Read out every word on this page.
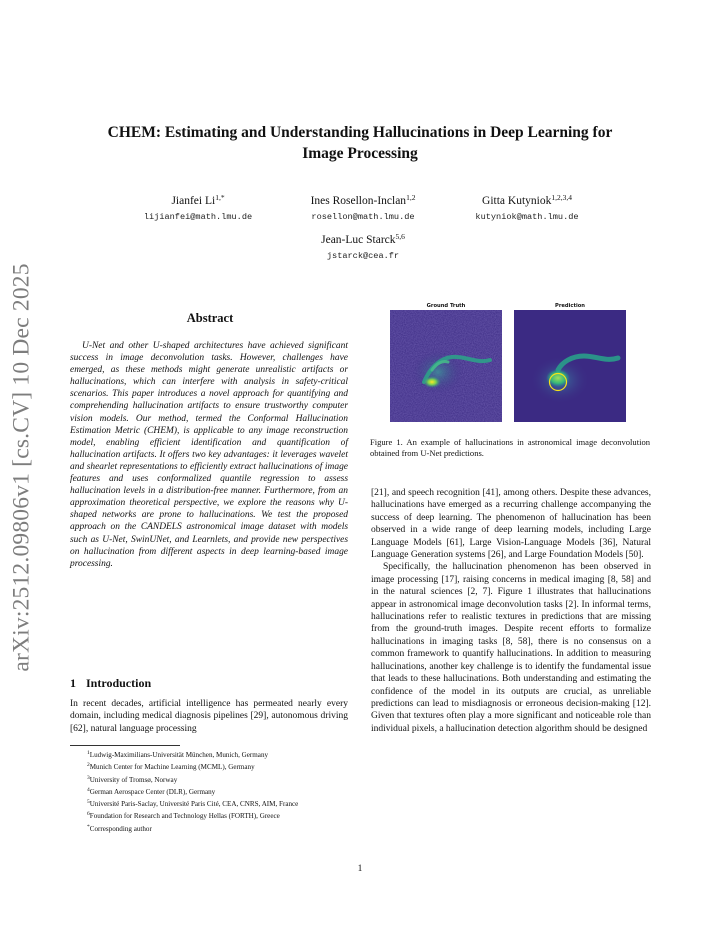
arXiv:2512.09806v1 [cs.CV] 10 Dec 2025
CHEM: Estimating and Understanding Hallucinations in Deep Learning for
Image Processing
Jianfei $Li^{1,*}$
lijianfei@math.lmu.de
Ines Rosellon-Inclan$^{1,2}$
rosellon@math.lmu.de
Gitta Kutyniok$^{1,2,3,4}$
kutyniok@math.lmu.de
Jean-Luc Starck$^{5,6}$
jstarck@cea.fr
Abstract

U-Net and other U-shaped architectures have achieved significant success in image deconvolution tasks. However, challenges have emerged, as these methods might generate unrealistic artifacts or hallucinations, which can interfere with analysis in safety-critical scenarios. This paper introduces a novel approach for quantifying and comprehending hallucination artifacts to ensure trustworthy computer vision models. Our method, termed the Conformal Hallucination Estimation Metric (CHEM), is applicable to any image reconstruction model, enabling efficient identification and quantification of hallucination artifacts. It offers two key advantages: it leverages wavelet and shearlet representations to efficiently extract hallucinations of image features and uses conformalized quantile regression to assess hallucination levels in a distribution-free manner. Furthermore, from an approximation theoretical perspective, we explore the reasons why U-shaped networks are prone to hallucinations. We test the proposed approach on the CANDELS astronomical image dataset with models such as U-Net, SwinUNet, and Learnlets, and provide new perspectives on hallucination from different aspects in deep learning-based image processing.

1 Introduction

In recent decades, artificial intelligence has permeated nearly every domain, including medical diagnosis pipelines [29], autonomous driving [62], natural language processing

$^1$Ludwig-Maximilians-Universität München, Munich, Germany
$^2$Munich Center for Machine Learning (MCML), Germany
$^3$University of Tromsø, Norway
$^4$German Aerospace Center (DLR), Germany
$^5$Université Paris-Saclay, Université Paris Cité, CEA, CNRS, AIM, France
$^6$Foundation for Research and Technology Hellas (FORTH), Greece
*Corresponding author
Ground Truth	Prediction

Figure 1. An example of hallucinations in astronomical image deconvolution obtained from U-Net predictions.

[21], and speech recognition [41], among others. Despite these advances, hallucinations have emerged as a recurring challenge accompanying the success of deep learning. The phenomenon of hallucination has been observed in a wide range of deep learning models, including Large Language Models [61], Large Vision-Language Models [36], Natural Language Generation systems [26], and Large Foundation Models [50].

Specifically, the hallucination phenomenon has been observed in image processing [17], raising concerns in medical imaging [8, 58] and in the natural sciences [2, 7]. Figure 1 illustrates that hallucinations appear in astronomical image deconvolution tasks [2]. In informal terms, hallucinations refer to realistic textures in predictions that are missing from the ground-truth images. Despite recent efforts to formalize hallucinations in imaging tasks [8, 58], there is no consensus on a common framework to quantify hallucinations. In addition to measuring hallucinations, another key challenge is to identify the fundamental issue that leads to these hallucinations. Both understanding and estimating the confidence of the model in its outputs are crucial, as unreliable predictions can lead to misdiagnosis or erroneous decision-making [12]. Given that textures often play a more significant and noticeable role than individual pixels, a hallucination detection algorithm should be designed

1
